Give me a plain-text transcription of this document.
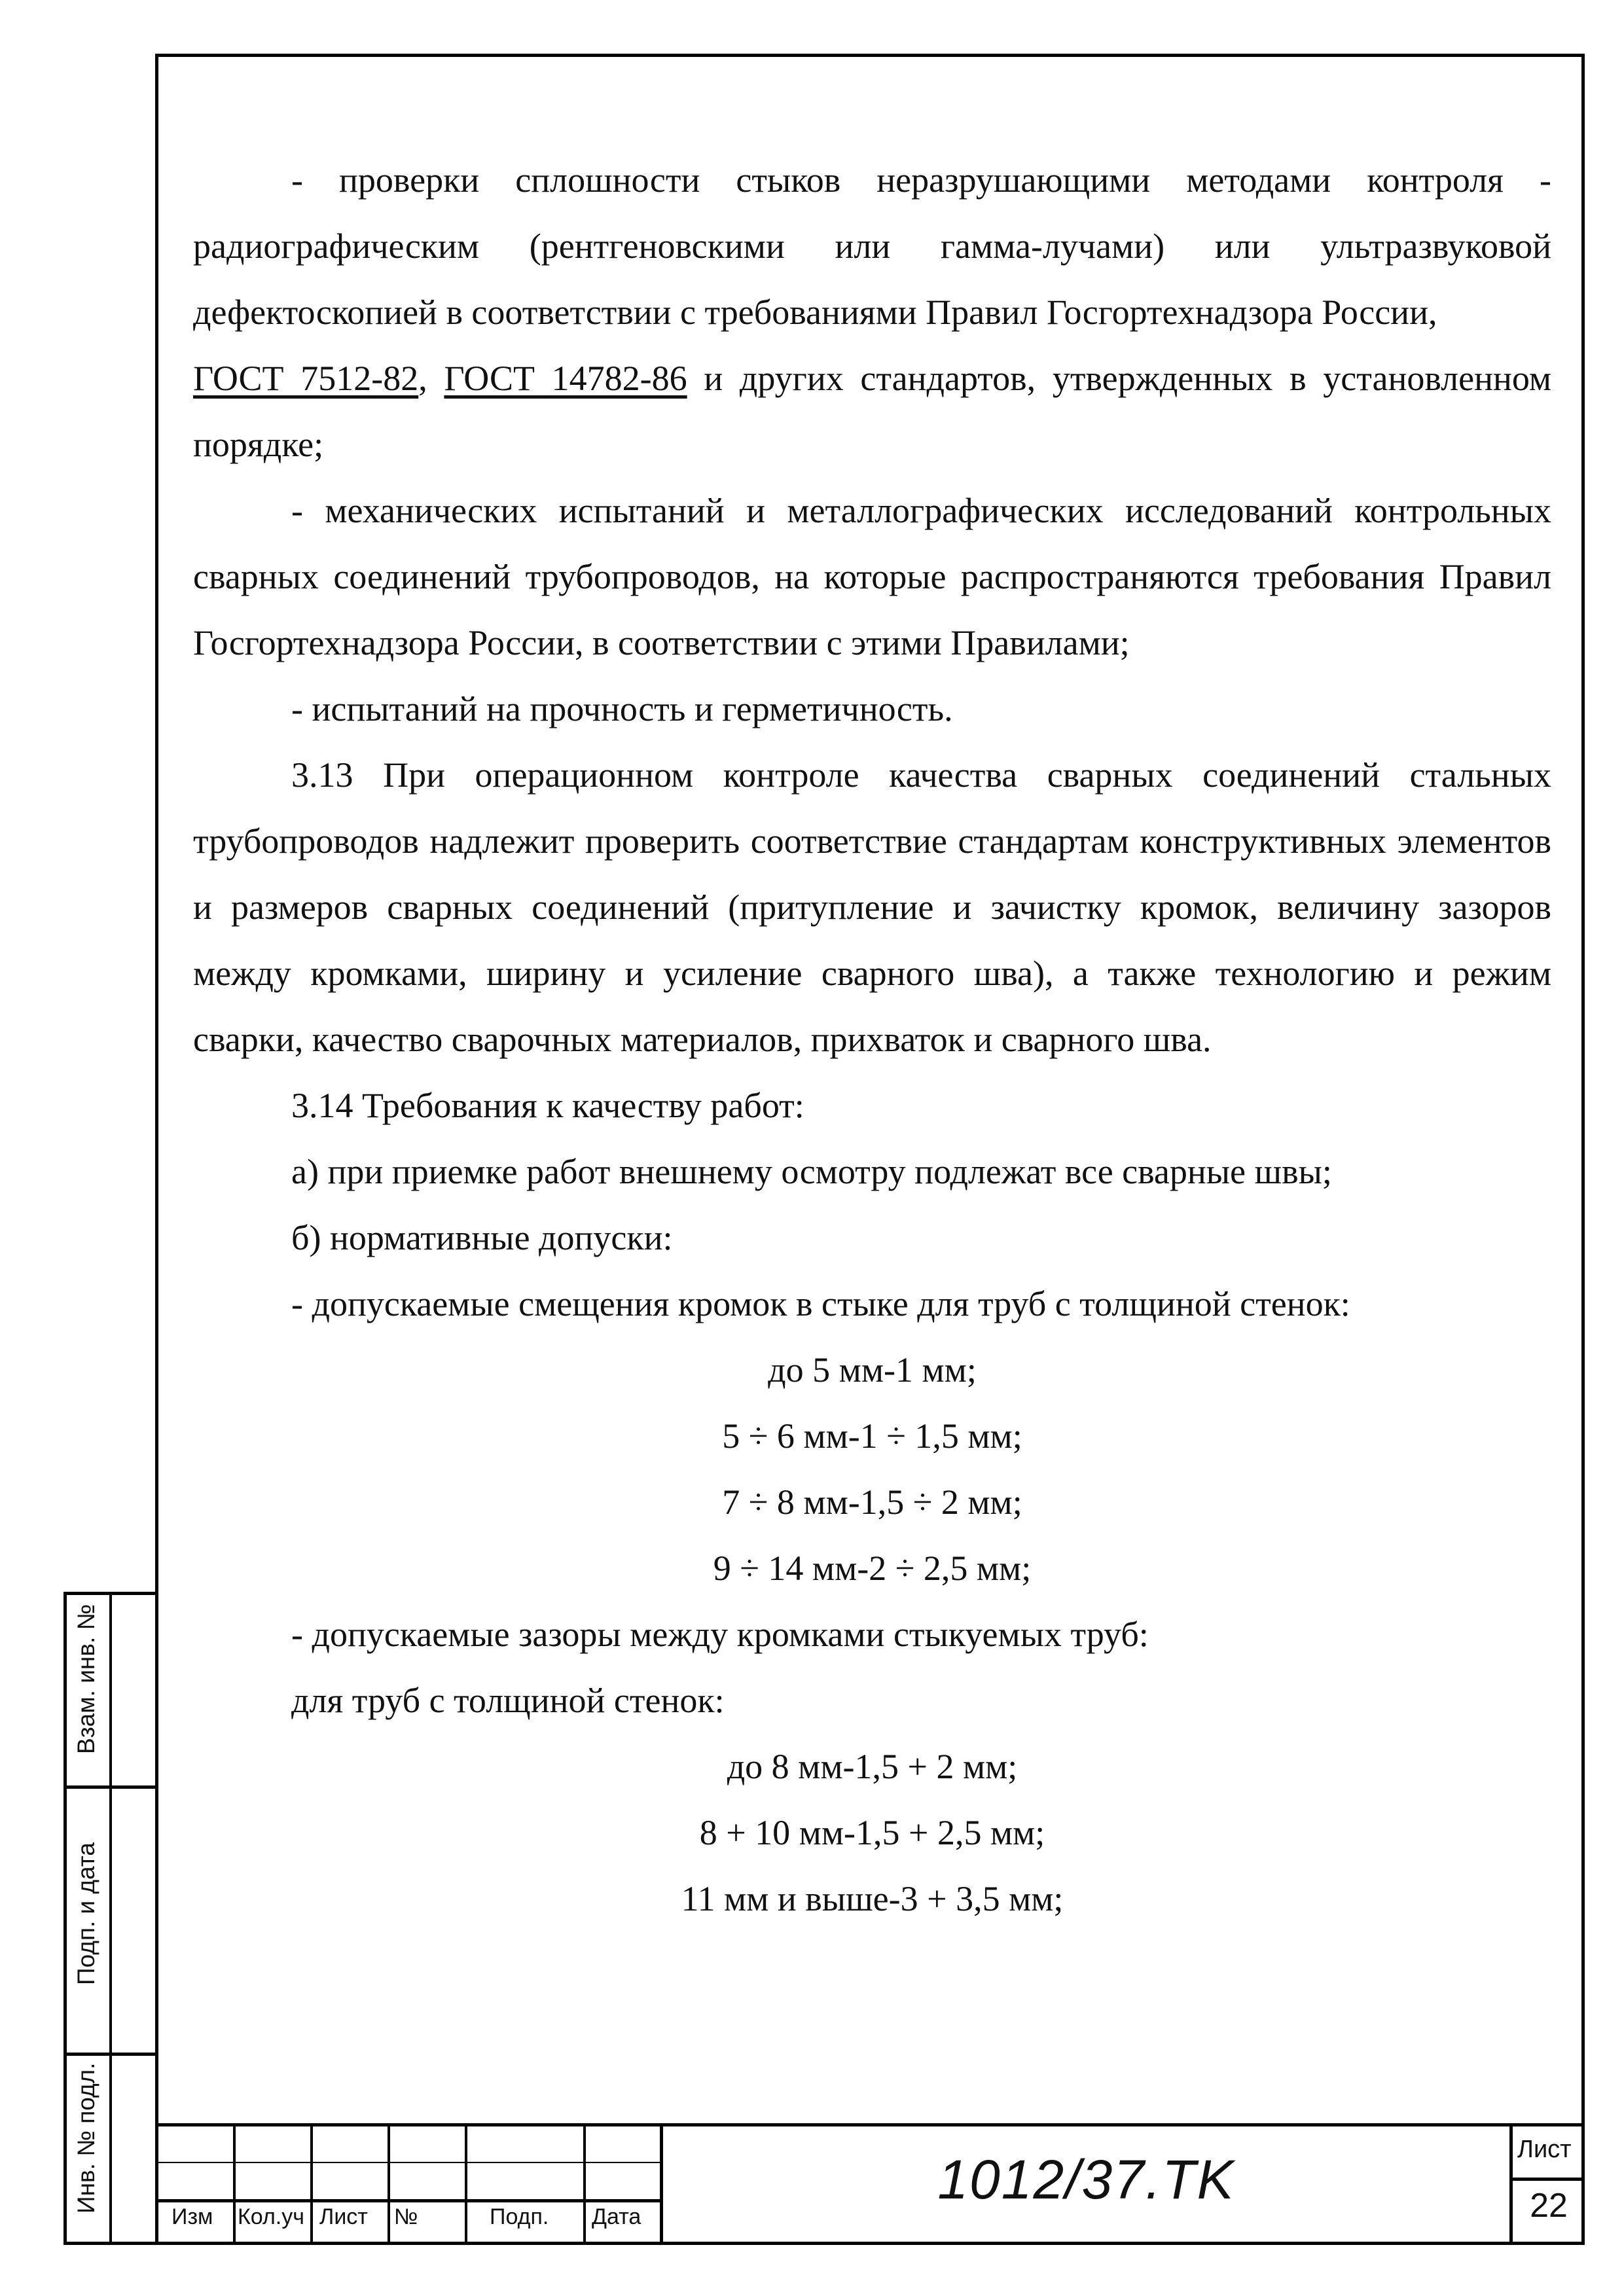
- проверки сплошности стыков неразрушающими методами контроля - радиографическим (рентгеновскими или гамма-лучами) или ультразвуковой дефектоскопией в соответствии с требованиями Правил Госгортехнадзора России,
ГОСТ 7512-82, ГОСТ 14782-86 и других стандартов, утвержденных в установленном порядке;

- механических испытаний и металлографических исследований контрольных сварных соединений трубопроводов, на которые распространяются требования Правил Госгортехнадзора России, в соответствии с этими Правилами;

- испытаний на прочность и герметичность.

3.13 При операционном контроле качества сварных соединений стальных трубопроводов надлежит проверить соответствие стандартам конструктивных элементов и размеров сварных соединений (притупление и зачистку кромок, величину зазоров между кромками, ширину и усиление сварного шва), а также технологию и режим сварки, качество сварочных материалов, прихваток и сварного шва.

3.14 Требования к качеству работ:

а) при приемке работ внешнему осмотру подлежат все сварные швы;

б) нормативные допуски:

- допускаемые смещения кромок в стыке для труб с толщиной стенок:

до 5 мм-1 мм;

5 ÷ 6 мм-1 ÷ 1,5 мм;

7 ÷ 8 мм-1,5 ÷ 2 мм;

9 ÷ 14 мм-2 ÷ 2,5 мм;

- допускаемые зазоры между кромками стыкуемых труб:

для труб с толщиной стенок:

до 8 мм-1,5 + 2 мм;

8 + 10 мм-1,5 + 2,5 мм;

11 мм и выше-3 + 3,5 мм;

Взам. инв. №
Подп. и дата
Инв. № подл.
Изм Кол.уч Лист №	Подп. Дата
1012/37.TK	Лист
22
